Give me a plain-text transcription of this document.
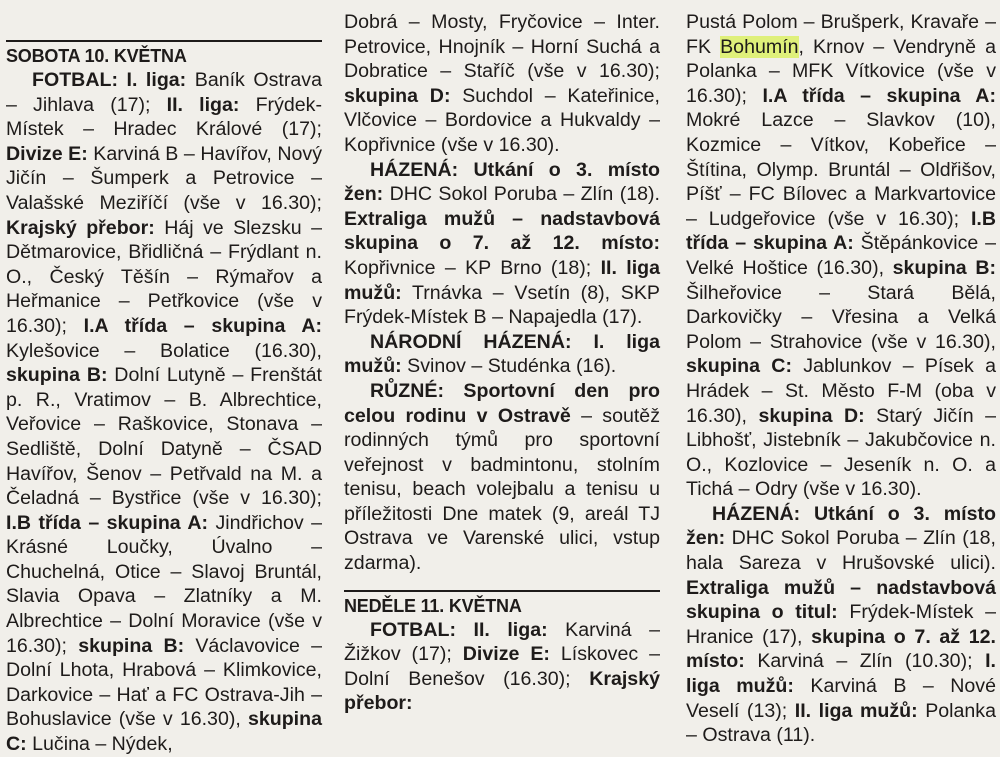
SOBOTA 10. KVĚTNA

FOTBAL: I. liga: Baník Ostrava – Jihlava (17); II. liga: Frýdek-Místek – Hradec Králové (17); Divize E: Karviná B – Havířov, Nový Jičín – Šumperk a Petrovice – Valašské Meziříčí (vše v 16.30); Krajský přebor: Háj ve Slezsku – Dětmarovice, Břidličná – Frýdlant n. O., Český Těšín – Rýmařov a Heřmanice – Petřkovice (vše v 16.30); I.A třída – skupina A: Kylešovice – Bolatice (16.30), skupina B: Dolní Lutyně – Frenštát p. R., Vratimov – B. Albrechtice, Veřovice – Raškovice, Stonava – Sedliště, Dolní Datyně – ČSAD Havířov, Šenov – Petřvald na M. a Čeladná – Bystřice (vše v 16.30); I.B třída – skupina A: Jindřichov – Krásné Loučky, Úvalno – Chuchelná, Otice – Slavoj Bruntál, Slavia Opava – Zlatníky a M. Albrechtice – Dolní Moravice (vše v 16.30); skupina B: Václavovice – Dolní Lhota, Hrabová – Klimkovice, Darkovice – Hať a FC Ostrava-Jih – Bohuslavice (vše v 16.30), skupina C: Lučina – Nýdek,

Dobrá – Mosty, Fryčovice – Inter. Petrovice, Hnojník – Horní Suchá a Dobratice – Staříč (vše v 16.30); skupina D: Suchdol – Kateřinice, Vlčovice – Bordovice a Hukvaldy – Kopřivnice (vše v 16.30).

HÁZENÁ: Utkání o 3. místo žen: DHC Sokol Poruba – Zlín (18). Extraliga mužů – nadstavbová skupina o 7. až 12. místo: Kopřivnice – KP Brno (18); II. liga mužů: Trnávka – Vsetín (8), SKP Frýdek-Místek B – Napajedla (17).

NÁRODNÍ HÁZENÁ: I. liga mužů: Svinov – Studénka (16).

RŮZNÉ: Sportovní den pro celou rodinu v Ostravě – soutěž rodinných týmů pro sportovní veřejnost v badmintonu, stolním tenisu, beach volejbalu a tenisu u příležitosti Dne matek (9, areál TJ Ostrava ve Varenské ulici, vstup zdarma).

NEDĚLE 11. KVĚTNA

FOTBAL: II. liga: Karviná – Žižkov (17); Divize E: Lískovec – Dolní Benešov (16.30); Krajský přebor:

Pustá Polom – Brušperk, Kravaře – FK Bohumín, Krnov – Vendryně a Polanka – MFK Vítkovice (vše v 16.30); I.A třída – skupina A: Mokré Lazce – Slavkov (10), Kozmice – Vítkov, Kobeřice – Štítina, Olymp. Bruntál – Oldřišov, Píšť – FC Bílovec a Markvartovice – Ludgeřovice (vše v 16.30); I.B třída – skupina A: Štěpánkovice – Velké Hoštice (16.30), skupina B: Šilheřovice – Stará Bělá, Darkovičky – Vřesina a Velká Polom – Strahovice (vše v 16.30), skupina C: Jablunkov – Písek a Hrádek – St. Město F-M (oba v 16.30), skupina D: Starý Jičín – Libhošť, Jistebník – Jakubčovice n. O., Kozlovice – Jeseník n. O. a Tichá – Odry (vše v 16.30).

HÁZENÁ: Utkání o 3. místo žen: DHC Sokol Poruba – Zlín (18, hala Sareza v Hrušovské ulici). Extraliga mužů – nadstavbová skupina o titul: Frýdek-Místek – Hranice (17), skupina o 7. až 12. místo: Karviná – Zlín (10.30); I. liga mužů: Karviná B – Nové Veselí (13); II. liga mužů: Polanka – Ostrava (11).
